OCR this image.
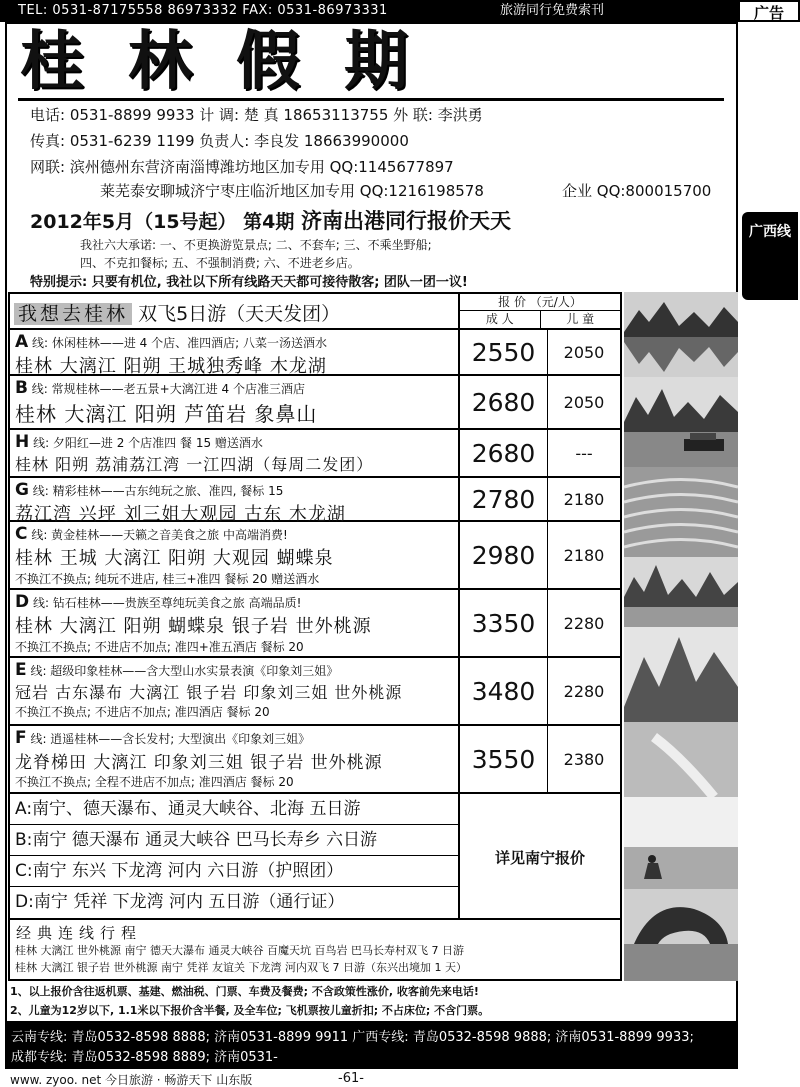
TEL: 0531-87175558 86973332 FAX: 0531-86973331	旅游同行免费索刊	广告
桂林假期
电话: 0531-8899 9933 计 调: 楚 真 18653113755 外 联: 李洪勇
传真: 0531-6239 1199 负责人: 李良发 18663990000
网联: 滨州德州东营济南淄博潍坊地区加专用 QQ:1145677897
莱芜泰安聊城济宁枣庄临沂地区加专用 QQ:1216198578	企业 QQ:800015700
2012年5月（15号起） 第4期 济南出港同行报价天天
我社六大承诺: 一、不更换游览景点; 二、不套车; 三、不乘坐野船;
四、不克扣餐标; 五、不强制消费; 六、不进老乡店。
特别提示: 只要有机位, 我社以下所有线路天天都可接待散客; 团队一团一议!
我想去桂林 双飞5日游（天天发团）
报 价 （元/人）
成 人	儿 童
A 线: 休闲桂林——进 4 个店、准四酒店; 八菜一汤送酒水
桂林 大漓江 阳朔 王城独秀峰 木龙湖	2550	2050
B 线: 常规桂林——老五景+大漓江进 4 个店准三酒店
桂林 大漓江 阳朔 芦笛岩 象鼻山	2680	2050
H 线: 夕阳红—进 2 个店准四 餐 15 赠送酒水
桂林 阳朔 荔浦荔江湾 一江四湖（每周二发团）	2680	---
G 线: 精彩桂林——古东纯玩之旅、准四, 餐标 15
荔江湾 兴坪 刘三姐大观园 古东 木龙湖
2780	2180
C 线: 黄金桂林——天籁之音美食之旅 中高端消费!
桂林 王城 大漓江 阳朔 大观园 蝴蝶泉
不换江不换点; 纯玩不进店, 桂三+准四 餐标 20 赠送酒水
2980	2180
D 线: 钻石桂林——贵族至尊纯玩美食之旅 高端品质!
桂林 大漓江 阳朔 蝴蝶泉 银子岩 世外桃源
不换江不换点; 不进店不加点; 准四+准五酒店 餐标 20
3350	2280
E 线: 超级印象桂林——含大型山水实景表演《印象刘三姐》
冠岩 古东瀑布 大漓江 银子岩 印象刘三姐 世外桃源
不换江不换点; 不进店不加点; 准四酒店 餐标 20
3480	2280
F 线: 逍遥桂林——含长发村; 大型演出《印象刘三姐》
龙脊梯田 大漓江 印象刘三姐 银子岩 世外桃源
不换江不换点; 全程不进店不加点; 准四酒店 餐标 20
3550	2380
A:南宁、德天瀑布、通灵大峡谷、北海 五日游
B:南宁 德天瀑布 通灵大峡谷 巴马长寿乡 六日游
C:南宁 东兴 下龙湾 河内 六日游（护照团）
D:南宁 凭祥 下龙湾 河内 五日游（通行证）
详见南宁报价
经典连线行程
桂林 大漓江 世外桃源 南宁 德天大瀑布 通灵大峡谷 百魔天坑 百鸟岩 巴马长寿村双飞 7 日游
桂林 大漓江 银子岩 世外桃源 南宁 凭祥 友谊关 下龙湾 河内双飞 7 日游（东兴出境加 1 天）
广西线
1、以上报价含往返机票、基建、燃油税、门票、车费及餐费; 不含政策性涨价, 收客前先来电话!
2、儿童为12岁以下, 1.1米以下报价含半餐, 及全车位; 飞机票按儿童折扣; 不占床位; 不含门票。
云南专线: 青岛0532-8598 8888; 济南0531-8899 9911 广西专线: 青岛0532-8598 9888; 济南0531-8899 9933;
成都专线: 青岛0532-8598 8889; 济南0531-
www. zyoo. net 今日旅游 · 畅游天下 山东版	-61-
